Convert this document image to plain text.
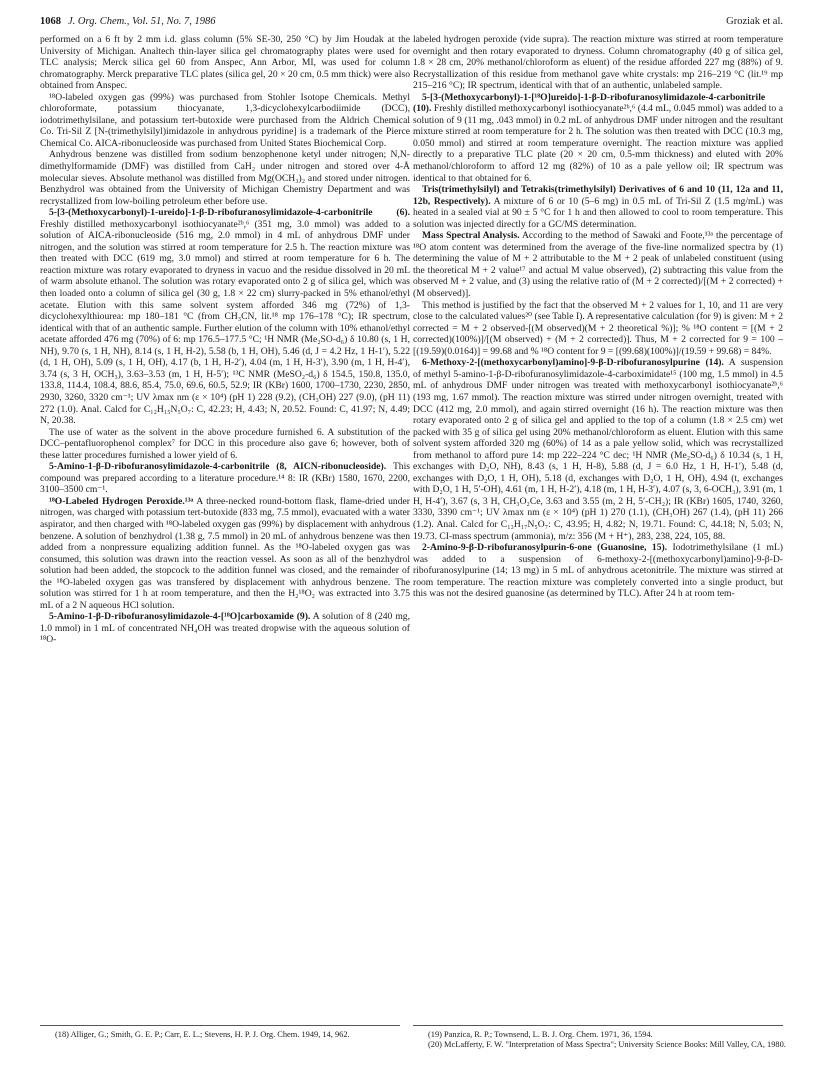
1068 J. Org. Chem., Vol. 51, No. 7, 1986	Groziak et al.

performed on a 6 ft by 2 mm i.d. glass column (5% SE-30, 250 °C) by Jim Houdak at the University of Michigan. Analtech thin-layer silica gel chromatography plates were used for TLC analysis; Merck silica gel 60 from Anspec, Ann Arbor, MI, was used for column chromatography. Merck preparative TLC plates (silica gel, 20 × 20 cm, 0.5 mm thick) were also obtained from Anspec.

¹⁸O-labeled oxygen gas (99%) was purchased from Stohler Isotope Chemicals. Methyl chloroformate, potassium thiocyanate, 1,3-dicyclohexylcarbodiimide (DCC), iodotrimethylsilane, and potassium tert-butoxide were purchased from the Aldrich Chemical Co. Tri-Sil Z [N-(trimethylsilyl)imidazole in anhydrous pyridine] is a trademark of the Pierce Chemical Co. AICA-ribonucleoside was purchased from United States Biochemical Corp.

Anhydrous benzene was distilled from sodium benzophenone ketyl under nitrogen; N,N-dimethylformamide (DMF) was distilled from CaH₂ under nitrogen and stored over 4-Å molecular sieves. Absolute methanol was distilled from Mg(OCH₃)₂ and stored under nitrogen. Benzhydrol was obtained from the University of Michigan Chemistry Department and was recrystallized from low-boiling petroleum ether before use.

5-[3-(Methoxycarbonyl)-1-ureido]-1-β-D-ribofuranosylimidazole-4-carbonitrile (6). Freshly distilled methoxycarbonyl isothiocyanate²ᵇ,⁶ (351 mg, 3.0 mmol) was added to a solution of AICA-ribonucleoside (516 mg, 2.0 mmol) in 4 mL of anhydrous DMF under nitrogen, and the solution was stirred at room temperature for 2.5 h. The reaction mixture was then treated with DCC (619 mg, 3.0 mmol) and stirred at room temperature for 6 h. The reaction mixture was rotary evaporated to dryness in vacuo and the residue dissolved in 20 mL of warm absolute ethanol. The solution was rotary evaporated onto 2 g of silica gel, which was then loaded onto a column of silica gel (30 g, 1.8 × 22 cm) slurry-packed in 5% ethanol/ethyl acetate. Elution with this same solvent system afforded 346 mg (72%) of 1,3-dicyclohexylthiourea: mp 180–181 °C (from CH₃CN, lit.¹⁸ mp 176–178 °C); IR spectrum, identical with that of an authentic sample. Further elution of the column with 10% ethanol/ethyl acetate afforded 476 mg (70%) of 6: mp 176.5–177.5 °C; ¹H NMR (Me₂SO-d₆) δ 10.80 (s, 1 H, NH), 9.70 (s, 1 H, NH), 8.14 (s, 1 H, H-2), 5.58 (b, 1 H, OH), 5.46 (d, J = 4.2 Hz, 1 H-1′), 5.22 (d, 1 H, OH), 5.09 (s, 1 H, OH), 4.17 (b, 1 H, H-2′), 4.04 (m, 1 H, H-3′), 3.90 (m, 1 H, H-4′), 3.74 (s, 3 H, OCH₃), 3.63–3.53 (m, 1 H, H-5′); ¹³C NMR (MeSO₂-d₆) δ 154.5, 150.8, 135.0, 133.8, 114.4, 108.4, 88.6, 85.4, 75.0, 69.6, 60.5, 52.9; IR (KBr) 1600, 1700–1730, 2230, 2850, 2930, 3260, 3320 cm⁻¹; UV λmax nm (ε × 10⁴) (pH 1) 228 (9.2), (CH₃OH) 227 (9.0), (pH 11) 272 (1.0). Anal. Calcd for C₁₂H₁₅N₅O₇: C, 42.23; H, 4.43; N, 20.52. Found: C, 41.97; N, 4.49; N, 20.38.

The use of water as the solvent in the above procedure furnished 6. A substitution of the DCC–pentafluorophenol complex⁷ for DCC in this procedure also gave 6; however, both of these latter procedures furnished a lower yield of 6.

5-Amino-1-β-D-ribofuranosylimidazole-4-carbonitrile (8, AICN-ribonucleoside). This compound was prepared according to a literature procedure.¹⁴ 8: IR (KBr) 1580, 1670, 2200, 3100–3500 cm⁻¹.

¹⁸O-Labeled Hydrogen Peroxide.¹³ᵃ A three-necked round-bottom flask, flame-dried under nitrogen, was charged with potassium tert-butoxide (833 mg, 7.5 mmol), evacuated with a water aspirator, and then charged with ¹⁸O-labeled oxygen gas (99%) by displacement with anhydrous benzene. A solution of benzhydrol (1.38 g, 7.5 mmol) in 20 mL of anhydrous benzene was then added from a nonpressure equalizing addition funnel. As the ¹⁸O-labeled oxygen gas was consumed, this solution was drawn into the reaction vessel. As soon as all of the benzhydrol solution had been added, the stopcock to the addition funnel was closed, and the remainder of the ¹⁸O-labeled oxygen gas was transfered by displacement with anhydrous benzene. The solution was stirred for 1 h at room temperature, and then the H₂¹⁸O₂ was extracted into 3.75 mL of a 2 N aqueous HCl solution.

5-Amino-1-β-D-ribofuranosylimidazole-4-[¹⁸O]carboxamide (9). A solution of 8 (240 mg, 1.0 mmol) in 1 mL of concentrated NH₄OH was treated dropwise with the aqueous solution of ¹⁸O-

labeled hydrogen peroxide (vide supra). The reaction mixture was stirred at room temperature overnight and then rotary evaporated to dryness. Column chromatography (40 g of silica gel, 1.8 × 28 cm, 20% methanol/chloroform as eluent) of the residue afforded 227 mg (88%) of 9. Recrystallization of this residue from methanol gave white crystals: mp 216–219 °C (lit.¹⁹ mp 215–216 °C); IR spectrum, identical with that of an authentic, unlabeled sample.

5-[3-(Methoxycarbonyl)-1-[¹⁸O]ureido]-1-β-D-ribofuranosylimidazole-4-carbonitrile (10). Freshly distilled methoxycarbonyl isothiocyanate²ᵇ,⁶ (4.4 mL, 0.045 mmol) was added to a solution of 9 (11 mg, .043 mmol) in 0.2 mL of anhydrous DMF under nitrogen and the resultant mixture stirred at room temperature for 2 h. The solution was then treated with DCC (10.3 mg, 0.050 mmol) and stirred at room temperature overnight. The reaction mixture was applied directly to a preparative TLC plate (20 × 20 cm, 0.5-mm thickness) and eluted with 20% methanol/chloroform to afford 12 mg (82%) of 10 as a pale yellow oil; IR spectrum was identical to that obtained for 6.

Tris(trimethylsilyl) and Tetrakis(trimethylsilyl) Derivatives of 6 and 10 (11, 12a and 11, 12b, Respectively). A mixture of 6 or 10 (5–6 mg) in 0.5 mL of Tri-Sil Z (1.5 mg/mL) was heated in a sealed vial at 90 ± 5 °C for 1 h and then allowed to cool to room temperature. This solution was injected directly for a GC/MS determination.

Mass Spectral Analysis. According to the method of Sawaki and Foote,¹³ᵃ the percentage of ¹⁸O atom content was determined from the average of the five-line normalized spectra by (1) determining the value of M + 2 attributable to the M + 2 peak of unlabeled constituent (using the theoretical M + 2 value¹⁷ and actual M value observed), (2) subtracting this value from the observed M + 2 value, and (3) using the relative ratio of (M + 2 corrected)/[(M + 2 corrected) + (M observed)].

This method is justified by the fact that the observed M + 2 values for 1, 10, and 11 are very close to the calculated values²⁰ (see Table I). A representative calculation (for 9) is given: M + 2 corrected = M + 2 observed-[(M observed)(M + 2 theoretical %)]; % ¹⁸O content = [(M + 2 corrected)(100%)]/[(M observed) + (M + 2 corrected)]. Thus, M + 2 corrected for 9 = 100 – [(19.59)(0.0164)] = 99.68 and % ¹⁸O content for 9 = [(99.68)(100%)]/(19.59 + 99.68) = 84%.

6-Methoxy-2-[(methoxycarbonyl)amino]-9-β-D-ribofuranosylpurine (14). A suspension of methyl 5-amino-1-β-D-ribofuranosylimidazole-4-carboximidate¹⁵ (100 mg, 1.5 mmol) in 4.5 mL of anhydrous DMF under nitrogen was treated with methoxycarbonyl isothiocyanate²ᵇ,⁶ (193 mg, 1.67 mmol). The reaction mixture was stirred under nitrogen overnight, treated with DCC (412 mg, 2.0 mmol), and again stirred overnight (16 h). The reaction mixture was then rotary evaporated onto 2 g of silica gel and applied to the top of a column (1.8 × 2.5 cm) wet packed with 35 g of silica gel using 20% methanol/chloroform as eluent. Elution with this same solvent system afforded 320 mg (60%) of 14 as a pale yellow solid, which was recrystallized from methanol to afford pure 14: mp 222–224 °C dec; ¹H NMR (Me₂SO-d₆) δ 10.34 (s, 1 H, exchanges with D₂O, NH), 8.43 (s, 1 H, H-8), 5.88 (d, J = 6.0 Hz, 1 H, H-1′), 5.48 (d, exchanges with D₂O, 1 H, OH), 5.18 (d, exchanges with D₂O, 1 H, OH), 4.94 (t, exchanges with D₂O, 1 H, 5′-OH), 4.61 (m, 1 H, H-2′), 4.18 (m, 1 H, H-3′), 4.07 (s, 3, 6-OCH₃), 3.91 (m, 1 H, H-4′), 3.67 (s, 3 H, CH₃O₂Ce, 3.63 and 3.55 (m, 2 H, 5′-CH₂); IR (KBr) 1605, 1740, 3260, 3330, 3390 cm⁻¹; UV λmax nm (ε × 10⁴) (pH 1) 270 (1.1), (CH₃OH) 267 (1.4), (pH 11) 266 (1.2). Anal. Calcd for C₁₃H₁₇N₅O₇: C, 43.95; H, 4.82; N, 19.71. Found: C, 44.18; N, 5.03; N, 19.73. CI-mass spectrum (ammonia), m/z: 356 (M + H⁺), 283, 238, 224, 105, 88.

2-Amino-9-β-D-ribofuranosylpurin-6-one (Guanosine, 15). Iodotrimethylsilane (1 mL) was added to a suspension of 6-methoxy-2-[(methoxycarbonyl)amino]-9-β-D-ribofuranosylpurine (14; 13 mg) in 5 mL of anhydrous acetonitrile. The mixture was stirred at room temperature. The reaction mixture was completely converted into a single product, but this was not the desired guanosine (as determined by TLC). After 24 h at room tem-

(18) Alliger, G.; Smith, G. E. P.; Carr, E. L.; Stevens, H. P. J. Org. Chem. 1949, 14, 962.	(19) Panzica, R. P.; Townsend, L. B. J. Org. Chem. 1971, 36, 1594.

(20) McLafferty, F. W. "Interpretation of Mass Spectra"; University Science Books: Mill Valley, CA, 1980.
